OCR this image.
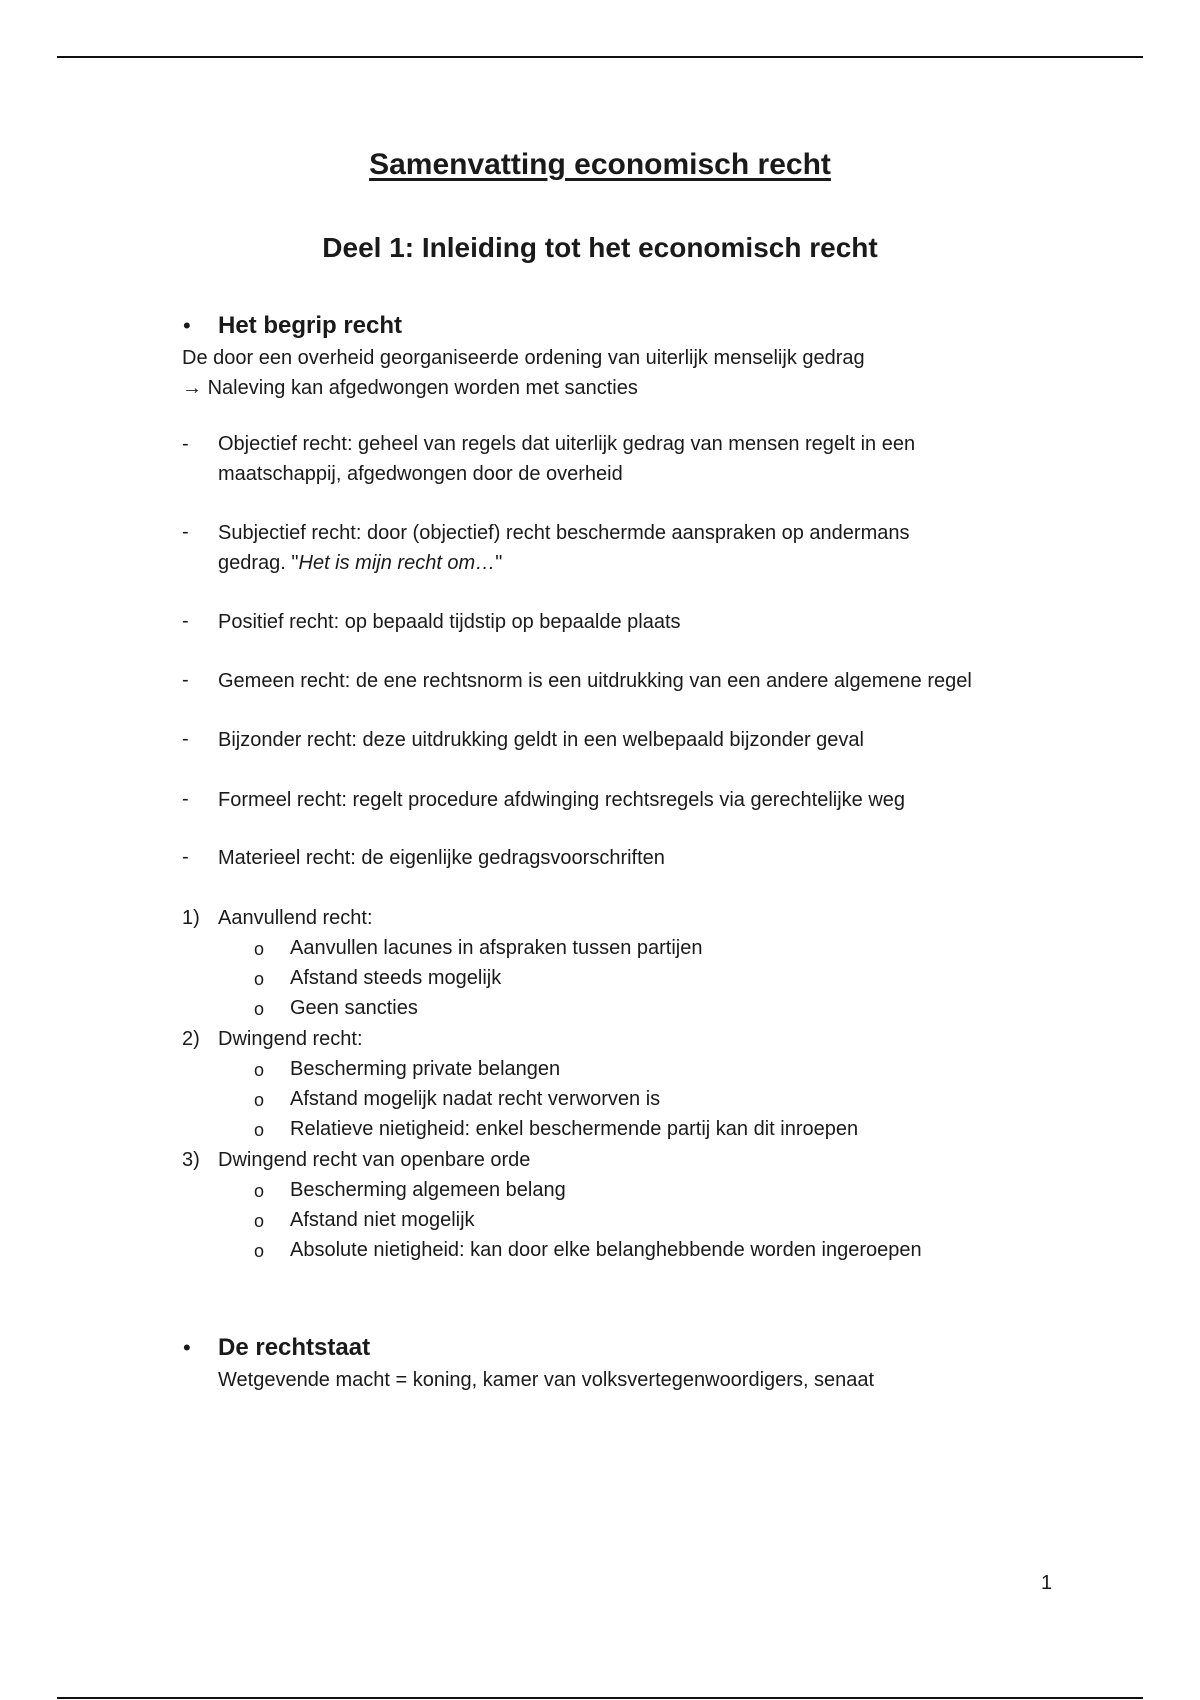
Samenvatting economisch recht
Deel 1: Inleiding tot het economisch recht
• Het begrip recht
De door een overheid georganiseerde ordening van uiterlijk menselijk gedrag
→ Naleving kan afgedwongen worden met sancties
- Objectief recht: geheel van regels dat uiterlijk gedrag van mensen regelt in een
maatschappij, afgedwongen door de overheid
- Subjectief recht: door (objectief) recht beschermde aanspraken op andermans
gedrag. "Het is mijn recht om…"
- Positief recht: op bepaald tijdstip op bepaalde plaats
- Gemeen recht: de ene rechtsnorm is een uitdrukking van een andere algemene regel
- Bijzonder recht: deze uitdrukking geldt in een welbepaald bijzonder geval
- Formeel recht: regelt procedure afdwinging rechtsregels via gerechtelijke weg
- Materieel recht: de eigenlijke gedragsvoorschriften
1) Aanvullend recht:
o Aanvullen lacunes in afspraken tussen partijen
o Afstand steeds mogelijk
o Geen sancties
2) Dwingend recht:
o Bescherming private belangen
o Afstand mogelijk nadat recht verworven is
o Relatieve nietigheid: enkel beschermende partij kan dit inroepen
3) Dwingend recht van openbare orde
o Bescherming algemeen belang
o Afstand niet mogelijk
o Absolute nietigheid: kan door elke belanghebbende worden ingeroepen
• De rechtstaat
Wetgevende macht = koning, kamer van volksvertegenwoordigers, senaat
1
